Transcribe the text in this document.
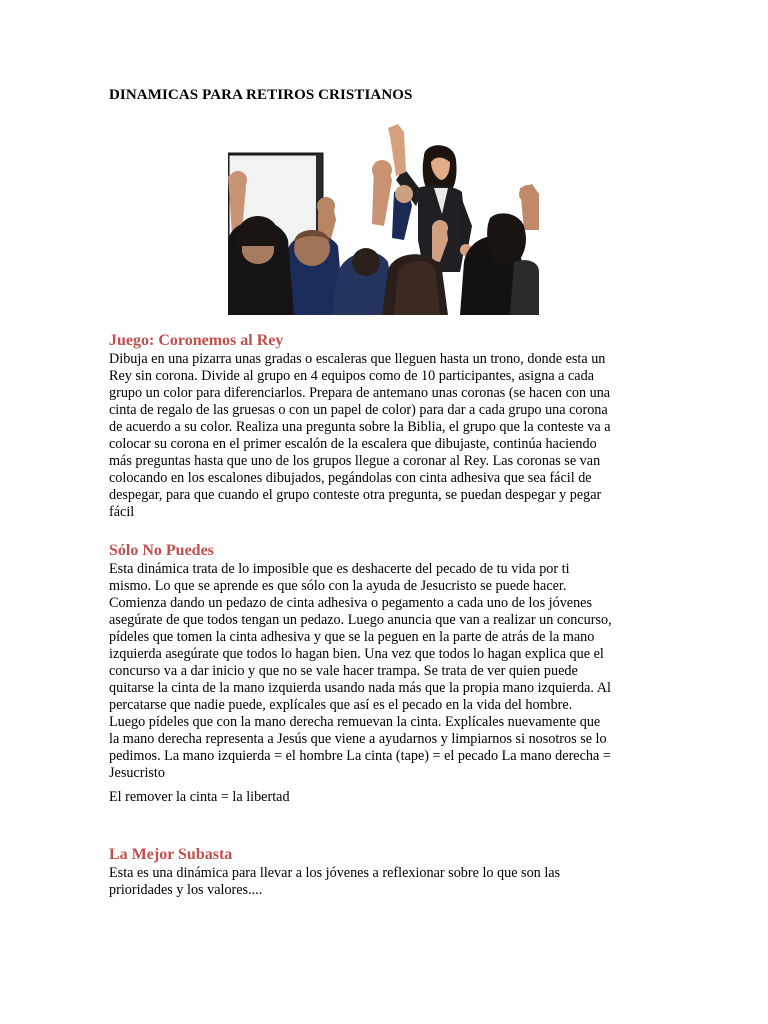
DINAMICAS PARA RETIROS CRISTIANOS
Juego: Coronemos al Rey

Dibuja en una pizarra unas gradas o escaleras que lleguen hasta un trono, donde esta un
Rey sin corona. Divide al grupo en 4 equipos como de 10 participantes, asigna a cada
grupo un color para diferenciarlos. Prepara de antemano unas coronas (se hacen con una
cinta de regalo de las gruesas o con un papel de color) para dar a cada grupo una corona
de acuerdo a su color. Realiza una pregunta sobre la Biblia, el grupo que la conteste va a
colocar su corona en el primer escalón de la escalera que dibujaste, continúa haciendo
más preguntas hasta que uno de los grupos llegue a coronar al Rey. Las coronas se van
colocando en los escalones dibujados, pegándolas con cinta adhesiva que sea fácil de
despegar, para que cuando el grupo conteste otra pregunta, se puedan despegar y pegar
fácil

Sólo No Puedes

Esta dinámica trata de lo imposible que es deshacerte del pecado de tu vida por ti
mismo. Lo que se aprende es que sólo con la ayuda de Jesucristo se puede hacer.
Comienza dando un pedazo de cinta adhesiva o pegamento a cada uno de los jóvenes
asegúrate de que todos tengan un pedazo. Luego anuncia que van a realizar un concurso,
pídeles que tomen la cinta adhesiva y que se la peguen en la parte de atrás de la mano
izquierda asegúrate que todos lo hagan bien. Una vez que todos lo hagan explica que el
concurso va a dar inicio y que no se vale hacer trampa. Se trata de ver quien puede
quitarse la cinta de la mano izquierda usando nada más que la propia mano izquierda. Al
percatarse que nadie puede, explícales que así es el pecado en la vida del hombre.
Luego pídeles que con la mano derecha remuevan la cinta. Explícales nuevamente que
la mano derecha representa a Jesús que viene a ayudarnos y limpiarnos si nosotros se lo
pedimos. La mano izquierda = el hombre La cinta (tape) = el pecado La mano derecha =
Jesucristo

El remover la cinta = la libertad

La Mejor Subasta

Esta es una dinámica para llevar a los jóvenes a reflexionar sobre lo que son las
prioridades y los valores....
